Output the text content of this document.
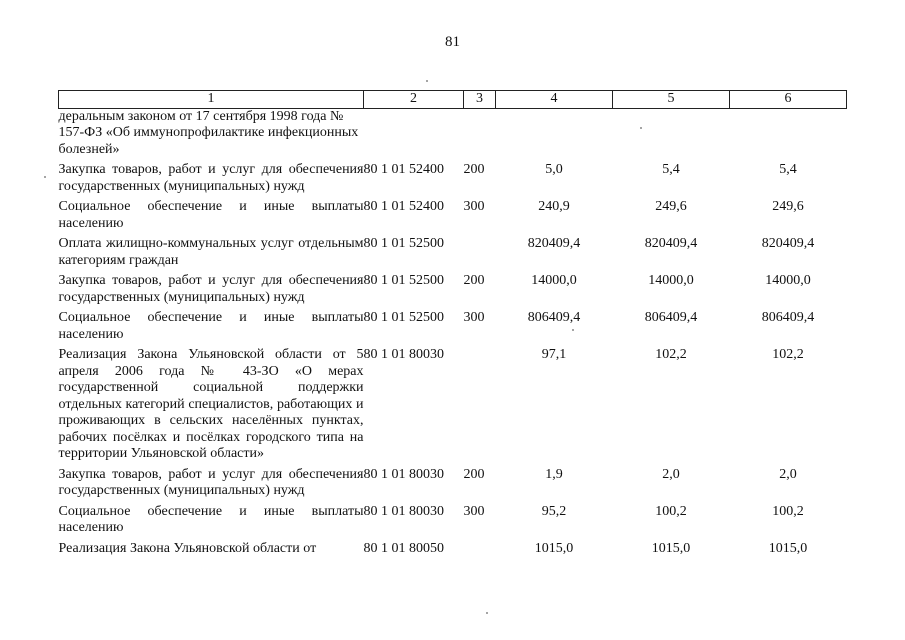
81
1	2	3	4	5	6
деральным законом от 17 сентября 1998 года № 157-ФЗ «Об иммунопрофилактике инфекционных болезней»					
Закупка товаров, работ и услуг для обеспечения государственных (муниципальных) нужд	80 1 01 52400	200	5,0	5,4	5,4
Социальное обеспечение и иные выплаты населению	80 1 01 52400	300	240,9	249,6	249,6
Оплата жилищно-коммунальных услуг отдельным категориям граждан	80 1 01 52500		820409,4	820409,4	820409,4
Закупка товаров, работ и услуг для обеспечения государственных (муниципальных) нужд	80 1 01 52500	200	14000,0	14000,0	14000,0
Социальное обеспечение и иные выплаты населению	80 1 01 52500	300	806409,4	806409,4	806409,4
Реализация Закона Ульяновской области от 5 апреля 2006 года № 43-ЗО «О мерах государственной социальной поддержки отдельных категорий специалистов, работающих и проживающих в сельских населённых пунктах, рабочих посёлках и посёлках городского типа на территории Ульяновской области»	80 1 01 80030		97,1	102,2	102,2
Закупка товаров, работ и услуг для обеспечения государственных (муниципальных) нужд	80 1 01 80030	200	1,9	2,0	2,0
Социальное обеспечение и иные выплаты населению	80 1 01 80030	300	95,2	100,2	100,2
Реализация Закона Ульяновской области от	80 1 01 80050		1015,0	1015,0	1015,0
